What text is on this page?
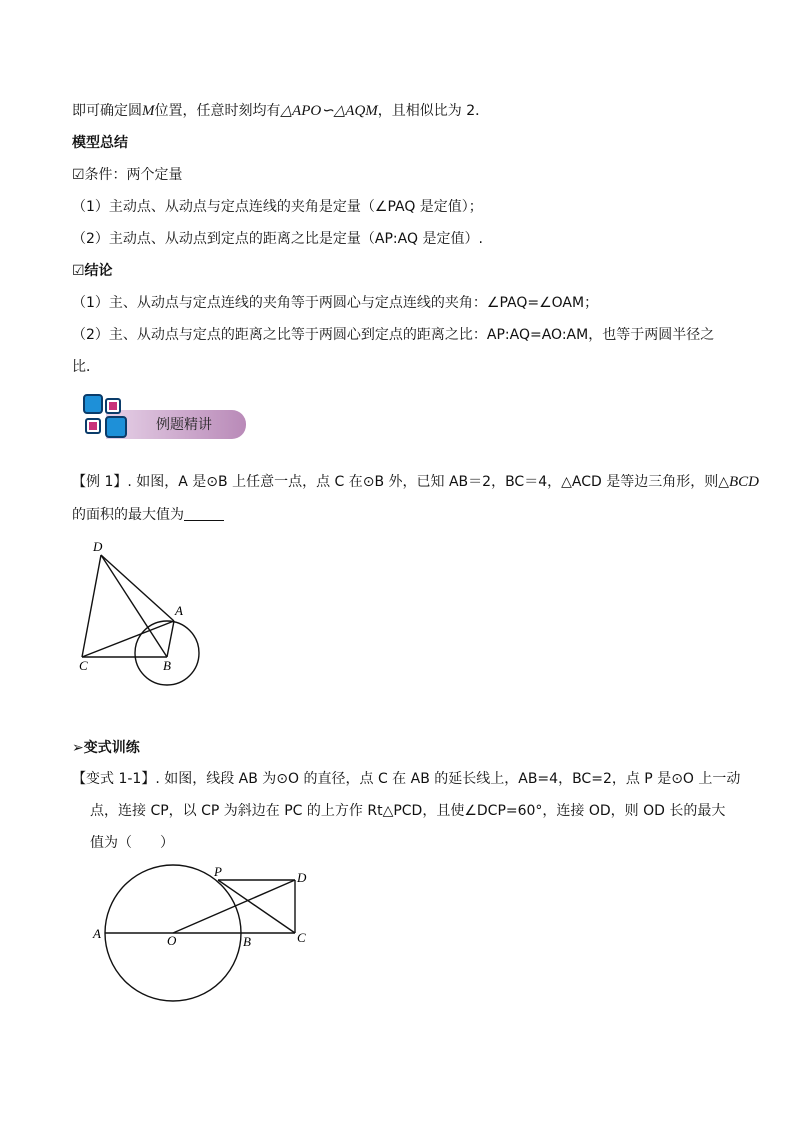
即可确定圆M位置，任意时刻均有△APO∽△AQM，且相似比为 2．
模型总结
☑条件：两个定量
（1）主动点、从动点与定点连线的夹角是定量（∠PAQ 是定值）；
（2）主动点、从动点到定点的距离之比是定量（AP:AQ 是定值）.
☑结论
（1）主、从动点与定点连线的夹角等于两圆心与定点连线的夹角：∠PAQ=∠OAM；
（2）主、从动点与定点的距离之比等于两圆心到定点的距离之比：AP:AQ=AO:AM，也等于两圆半径之
比．
例题精讲
【例 1】. 如图，A 是⊙B 上任意一点，点 C 在⊙B 外，已知 AB＝2，BC＝4，△ACD 是等边三角形，则△BCD
的面积的最大值为
D
A
C	B
➢变式训练
【变式 1-1】. 如图，线段 AB 为⊙O 的直径，点 C 在 AB 的延长线上，AB=4，BC=2，点 P 是⊙O 上一动
点，连接 CP，以 CP 为斜边在 PC 的上方作 Rt△PCD，且使∠DCP=60°，连接 OD，则 OD 长的最大
值为（　　）
P	D
A	O	B	C
